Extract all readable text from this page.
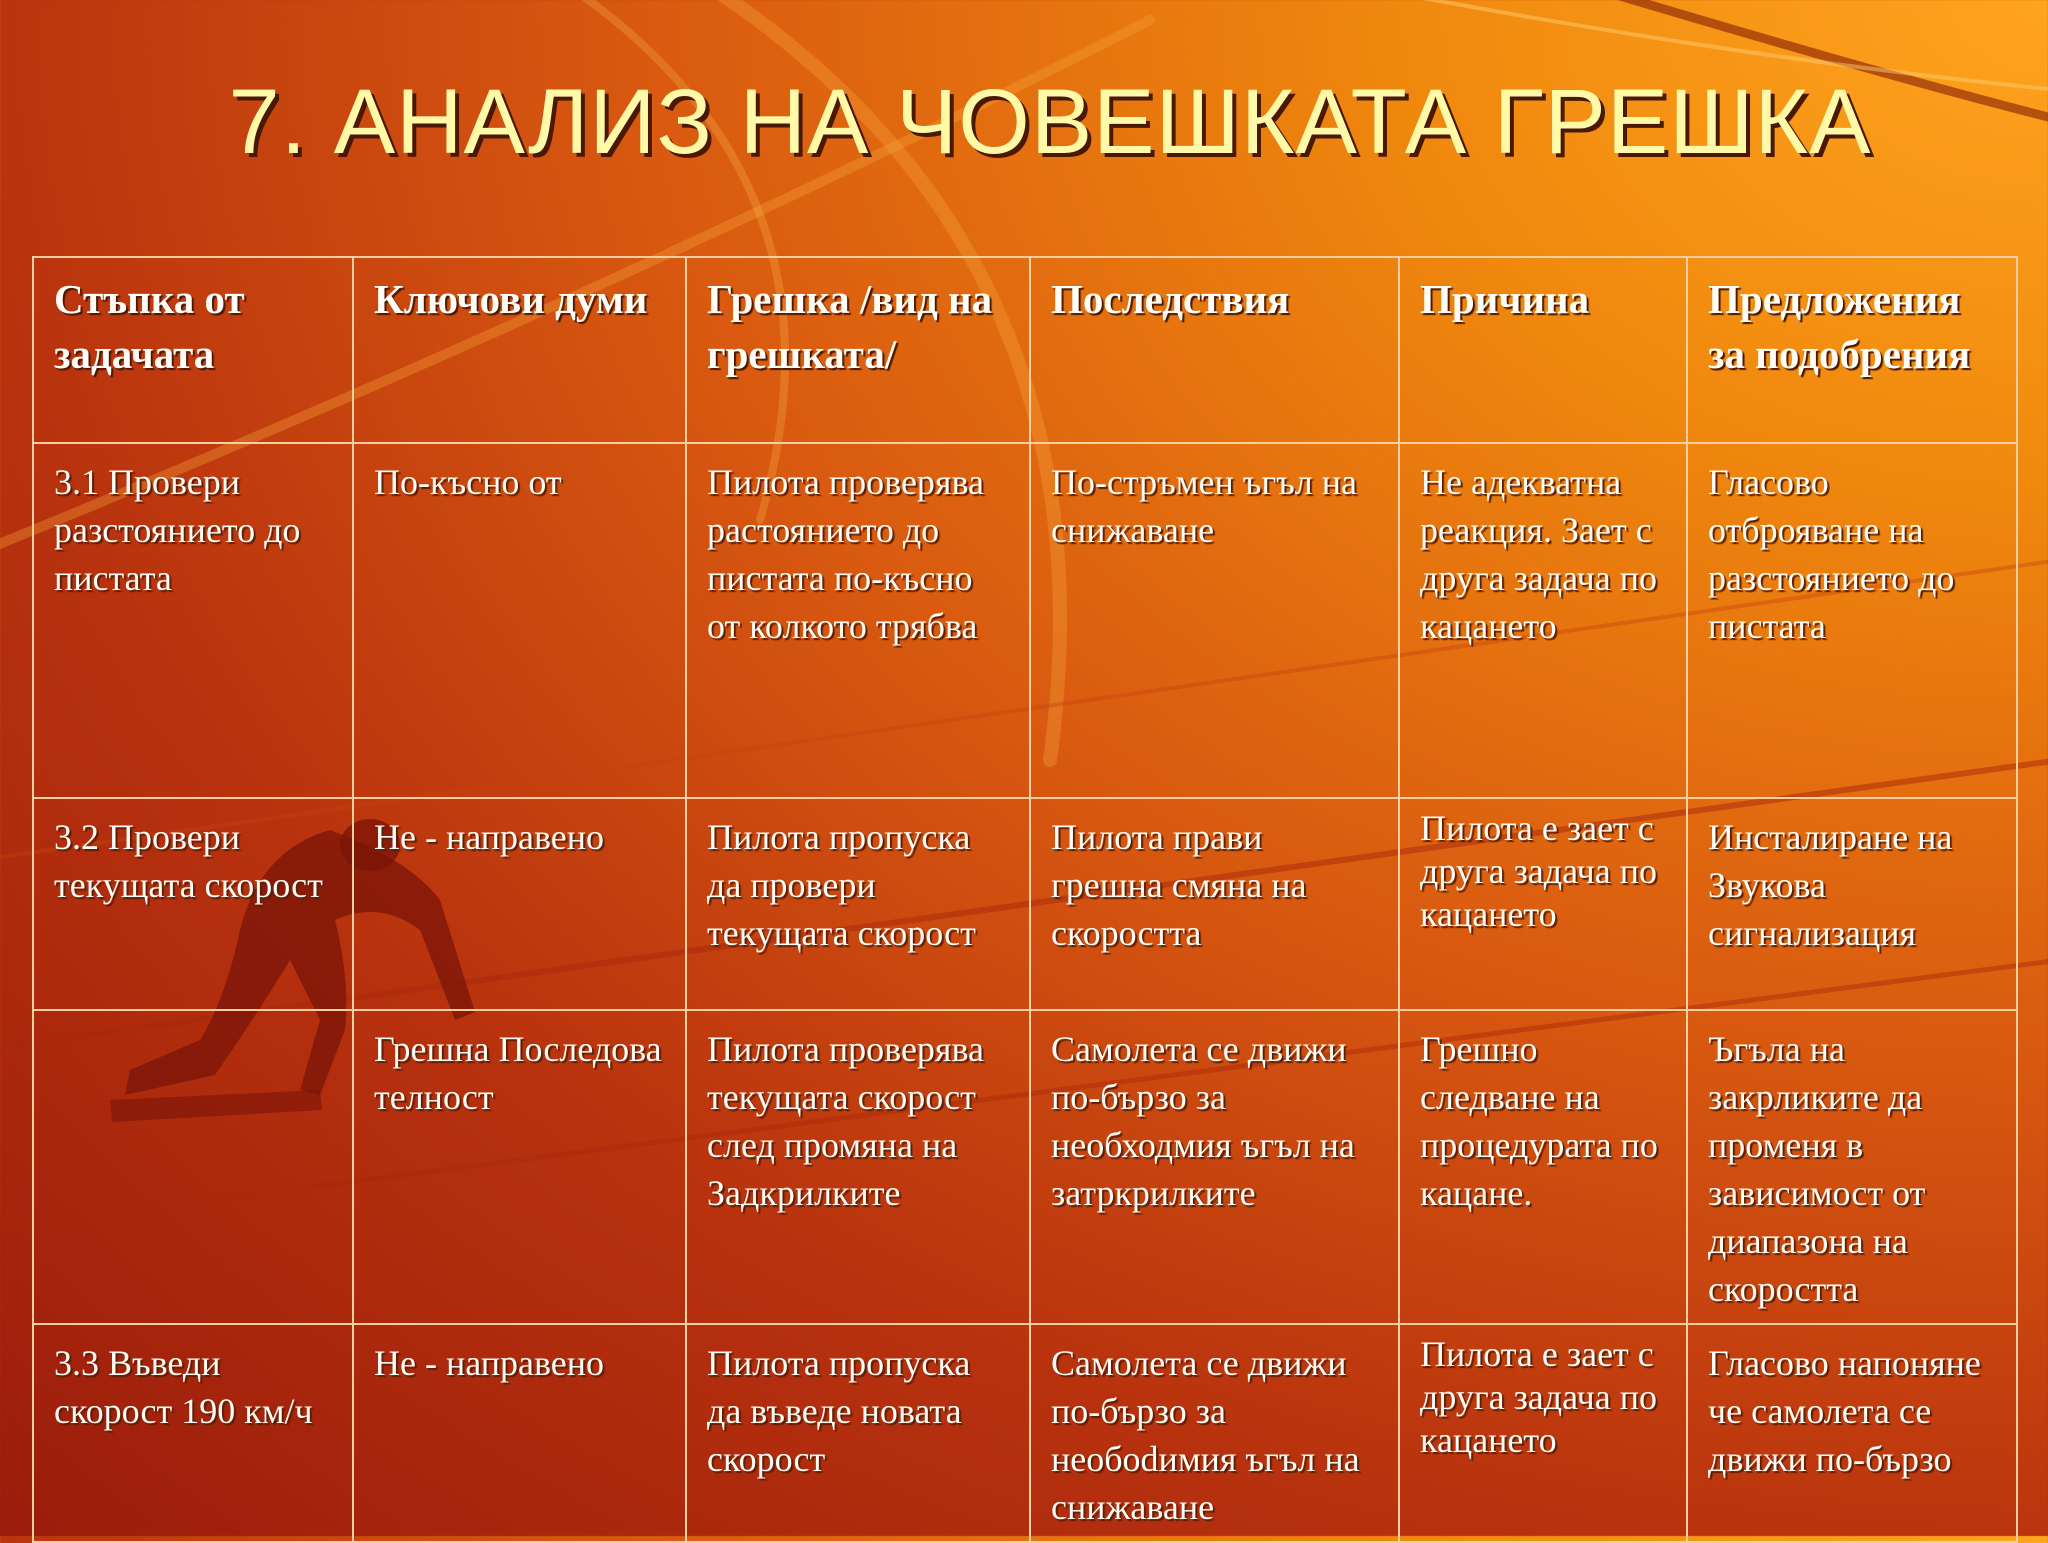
7. АНАЛИЗ НА ЧОВЕШКАТА ГРЕШКА
Стъпка от задачата	Ключови думи	Грешка /вид на грешката/	Последствия	Причина	Предложения за подобрения
3.1 Провери разстоянието до пистата	По-късно от	Пилота проверява растоянието до пистата по-късно от колкото трябва	По-стръмен ъгъл на снижаване	Не адекватна реакция. Зает с друга задача по кацането	Гласово отброяване на разстоянието до пистата
3.2 Провери текущата скорост	Не - направено	Пилота пропуска да провери текущата скорост	Пилота прави грешна смяна на скоростта	Пилота е зает с друга задача по кацането	Инсталиране на Звукова сигнализация
	Грешна Последова телност	Пилота проверява текущата скорост след промяна на Задкрилките	Самолета се движи по-бързо за необходмия ъгъл на затркрилките	Грешно следване на процедурата по кацане.	Ъгъла на закрликите да променя в зависимост от диапазона на скоростта
3.3 Въведи скорост 190 км/ч	Не - направено	Пилота пропуска да въведе новата скорост	Самолета се движи по-бързо за необоdимия ъгъл на снижаване	Пилота е зает с друга задача по кацането	Гласово напоняне че самолета се движи по-бързо
